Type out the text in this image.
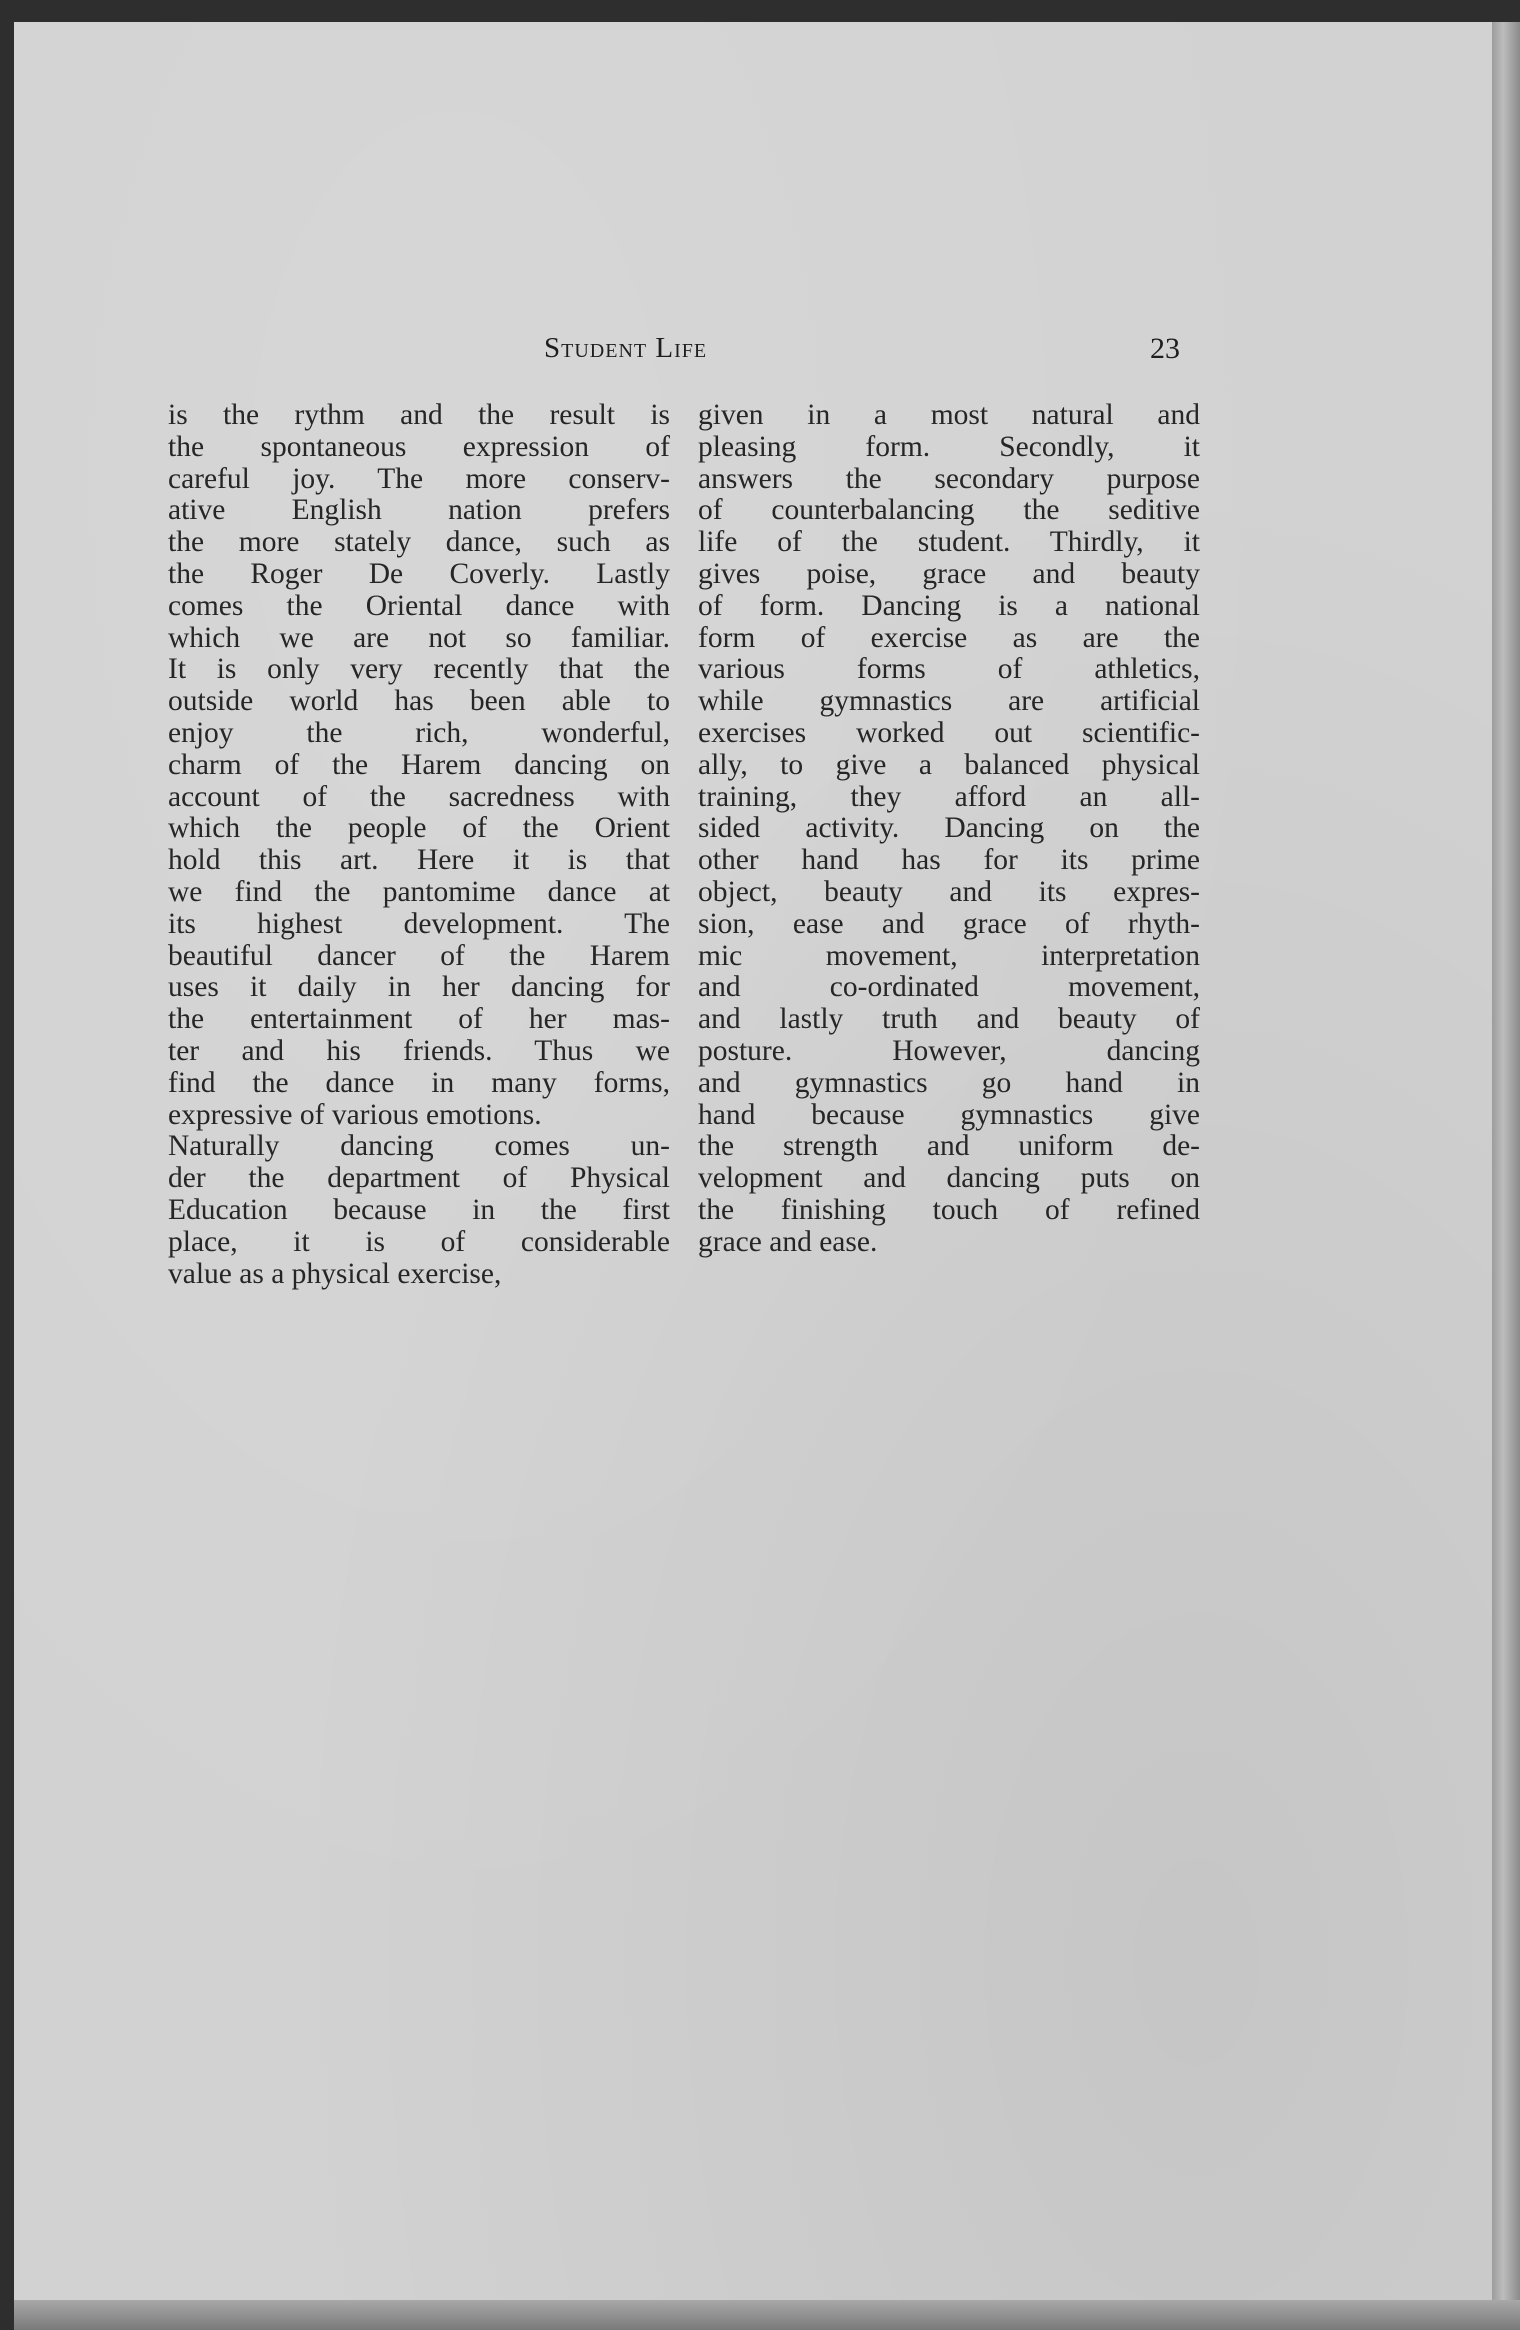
Student Life	23
is the rythm and the result is
the spontaneous expression of
careful joy. The more conserv-
ative English nation prefers
the more stately dance, such as
the Roger De Coverly. Lastly
comes the Oriental dance with
which we are not so familiar.
It is only very recently that the
outside world has been able to
enjoy the rich, wonderful,
charm of the Harem dancing on
account of the sacredness with
which the people of the Orient
hold this art. Here it is that
we find the pantomime dance at
its highest development. The
beautiful dancer of the Harem
uses it daily in her dancing for
the entertainment of her mas-
ter and his friends. Thus we
find the dance in many forms,
expressive of various emotions.
Naturally dancing comes un-
der the department of Physical
Education because in the first
place, it is of considerable
value as a physical exercise,
given in a most natural and
pleasing form. Secondly, it
answers the secondary purpose
of counterbalancing the seditive
life of the student. Thirdly, it
gives poise, grace and beauty
of form. Dancing is a national
form of exercise as are the
various forms of athletics,
while gymnastics are artificial
exercises worked out scientific-
ally, to give a balanced physical
training, they afford an all-
sided activity. Dancing on the
other hand has for its prime
object, beauty and its expres-
sion, ease and grace of rhyth-
mic movement, interpretation
and co-ordinated movement,
and lastly truth and beauty of
posture. However, dancing
and gymnastics go hand in
hand because gymnastics give
the strength and uniform de-
velopment and dancing puts on
the finishing touch of refined
grace and ease.
